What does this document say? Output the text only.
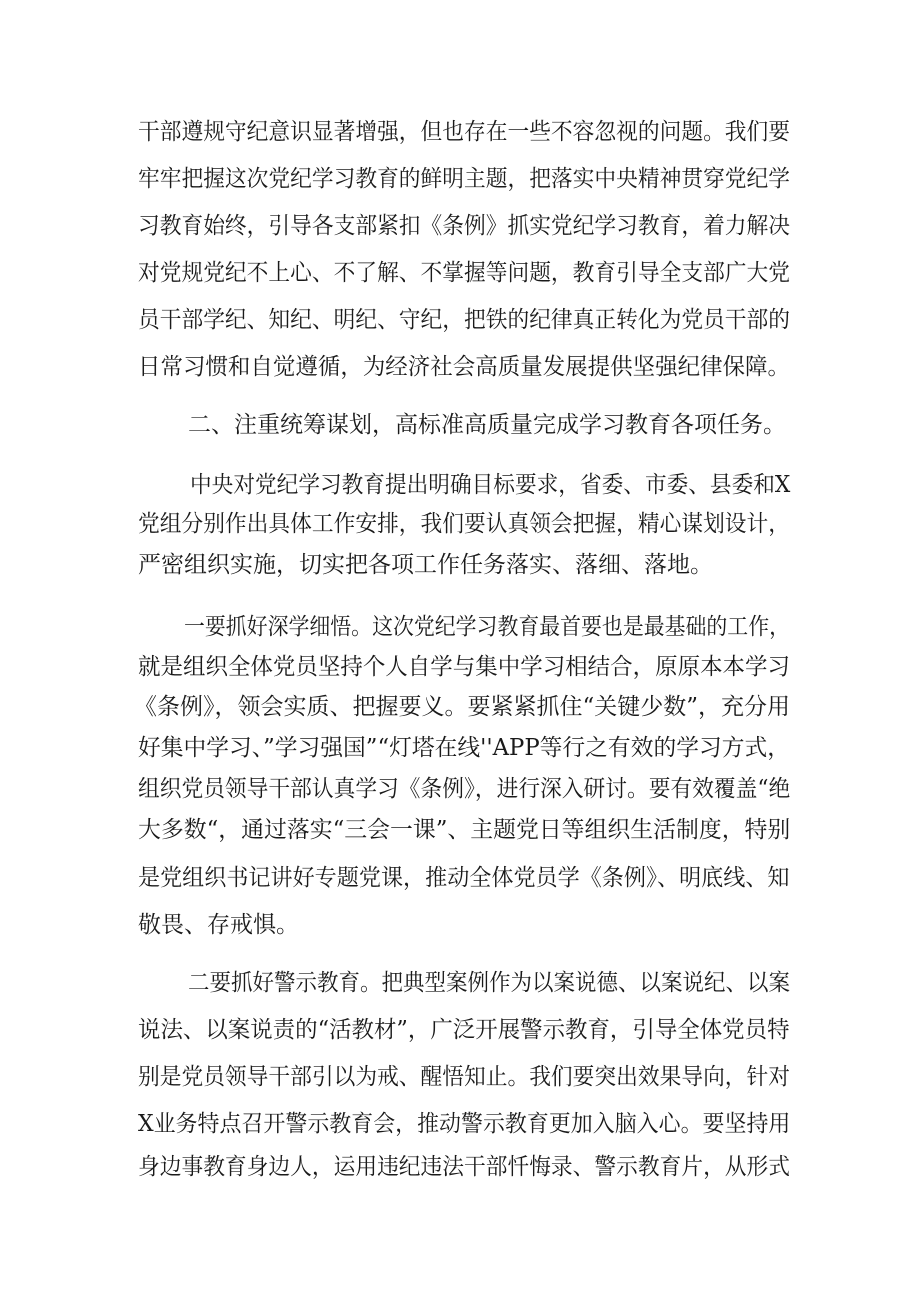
干部遵规守纪意识显著增强，但也存在一些不容忽视的问题。我们要
牢牢把握这次党纪学习教育的鲜明主题，把落实中央精神贯穿党纪学
习教育始终，引导各支部紧扣《条例》抓实党纪学习教育，着力解决
对党规党纪不上心、不了解、不掌握等问题，教育引导全支部广大党
员干部学纪、知纪、明纪、守纪，把铁的纪律真正转化为党员干部的
日常习惯和自觉遵循，为经济社会高质量发展提供坚强纪律保障。
二、注重统筹谋划，高标准高质量完成学习教育各项任务。
中央对党纪学习教育提出明确目标要求，省委、市委、县委和X
党组分别作出具体工作安排，我们要认真领会把握，精心谋划设计，
严密组织实施，切实把各项工作任务落实、落细、落地。
一要抓好深学细悟。这次党纪学习教育最首要也是最基础的工作，
就是组织全体党员坚持个人自学与集中学习相结合，原原本本学习
《条例》，领会实质、把握要义。要紧紧抓住“关键少数”，充分用
好集中学习、”学习强国”“灯塔在线''APP等行之有效的学习方式，
组织党员领导干部认真学习《条例》，进行深入研讨。要有效覆盖“绝
大多数“，通过落实“三会一课”、主题党日等组织生活制度，特别
是党组织书记讲好专题党课，推动全体党员学《条例》、明底线、知
敬畏、存戒惧。
二要抓好警示教育。把典型案例作为以案说德、以案说纪、以案
说法、以案说责的“活教材”，广泛开展警示教育，引导全体党员特
别是党员领导干部引以为戒、醒悟知止。我们要突出效果导向，针对
X业务特点召开警示教育会，推动警示教育更加入脑入心。要坚持用
身边事教育身边人，运用违纪违法干部忏悔录、警示教育片，从形式
